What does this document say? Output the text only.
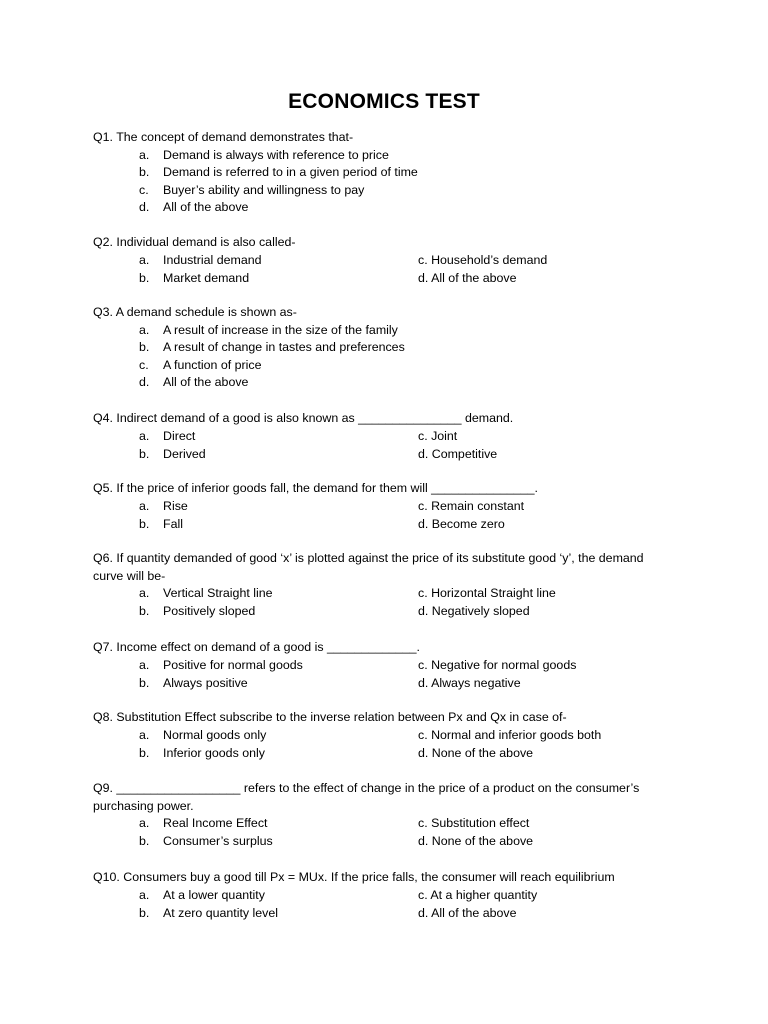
ECONOMICS TEST
Q1. The concept of demand demonstrates that-
a. Demand is always with reference to price
b. Demand is referred to in a given period of time
c. Buyer’s ability and willingness to pay
d. All of the above
Q2. Individual demand is also called-
a. Industrial demand
b. Market demand
c. Household’s demand
d. All of the above
Q3. A demand schedule is shown as-
a. A result of increase in the size of the family
b. A result of change in tastes and preferences
c. A function of price
d. All of the above
Q4. Indirect demand of a good is also known as _______________ demand.
a. Direct
b. Derived
c. Joint
d. Competitive
Q5. If the price of inferior goods fall, the demand for them will _______________.
a. Rise
b. Fall
c. Remain constant
d. Become zero
Q6. If quantity demanded of good ‘x’ is plotted against the price of its substitute good ‘y’, the demand curve will be-
a. Vertical Straight line
b. Positively sloped
c. Horizontal Straight line
d. Negatively sloped
Q7. Income effect on demand of a good is _____________.
a. Positive for normal goods
b. Always positive
c. Negative for normal goods
d. Always negative
Q8. Substitution Effect subscribe to the inverse relation between Px and Qx in case of-
a. Normal goods only
b. Inferior goods only
c. Normal and inferior goods both
d. None of the above
Q9. __________________ refers to the effect of change in the price of a product on the consumer’s purchasing power.
a. Real Income Effect
b. Consumer’s surplus
c. Substitution effect
d. None of the above
Q10. Consumers buy a good till Px = MUx. If the price falls, the consumer will reach equilibrium
a. At a lower quantity
b. At zero quantity level
c. At a higher quantity
d. All of the above
